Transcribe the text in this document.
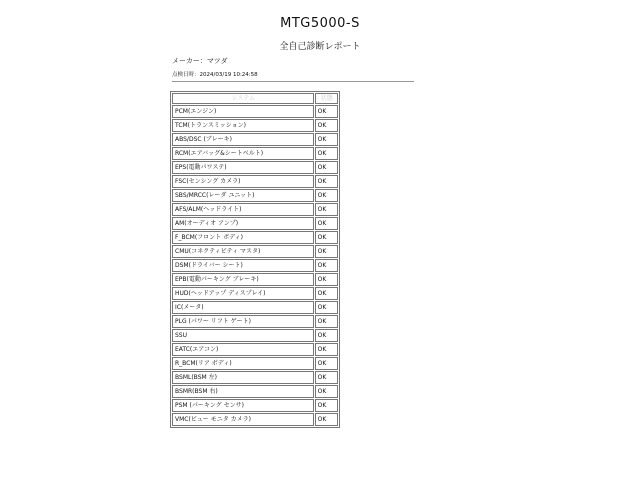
MTG5000-S
全自己診断レポート
メーカー：マツダ
点検日時：2024/03/19 10:24:58
システム	状態
PCM(エンジン)	OK
TCM(トランスミッション)	OK
ABS/DSC (ブレーキ)	OK
RCM(エアバッグ&シートベルト)	OK
EPS(電動パワステ)	OK
FSC(センシング カメラ)	OK
SBS/MRCC(レーダ ユニット)	OK
AFS/ALM(ヘッドライト)	OK
AM(オーディオ アンプ)	OK
F_BCM(フロント ボディ)	OK
CMU(コネクティビティ マスタ)	OK
DSM(ドライバー シート)	OK
EPB(電動パーキング ブレーキ)	OK
HUD(ヘッドアップ ディスプレイ)	OK
IC(メータ)	OK
PLG (パワー リフト ゲート)	OK
SSU	OK
EATC(エアコン)	OK
R_BCM(リア ボディ)	OK
BSML(BSM 左)	OK
BSMR(BSM 右)	OK
PSM (パーキング センサ)	OK
VMC(ビュー モニタ カメラ)	OK
